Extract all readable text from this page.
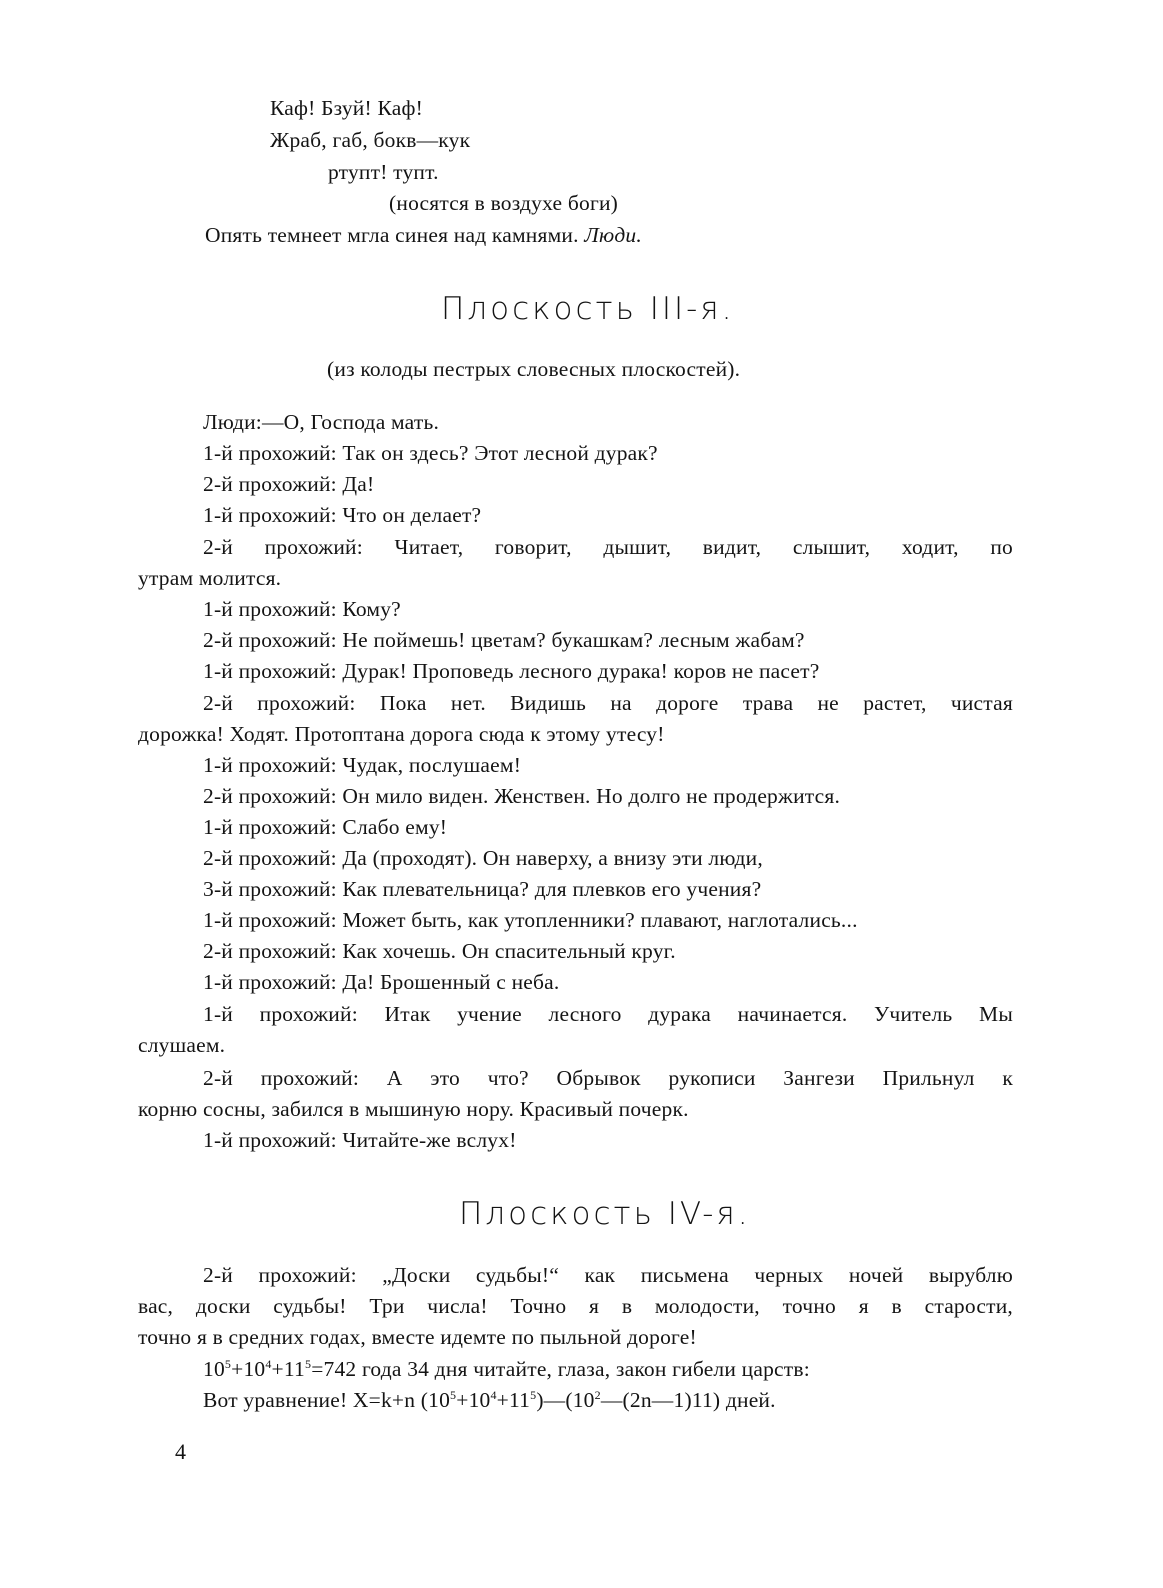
Каф! Бзуй! Каф!
Жраб, габ, бокв—кук
ртупт! тупт.
(носятся в воздухе боги)
Опять темнеет мгла синея над камнями. Люди.
Плоскость III-я.
(из колоды пестрых словесных плоскостей).
Люди:—О, Господа мать.
1-й прохожий: Так он здесь? Этот лесной дурак?
2-й прохожий: Да!
1-й прохожий: Что он делает?
2-й прохожий: Читает, говорит, дышит, видит, слышит, ходит, по
утрам молится.
1-й прохожий: Кому?
2-й прохожий: Не поймешь! цветам? букашкам? лесным жабам?
1-й прохожий: Дурак! Проповедь лесного дурака! коров не пасет?
2-й прохожий: Пока нет. Видишь на дороге трава не растет, чистая
дорожка! Ходят. Протоптана дорога сюда к этому утесу!
1-й прохожий: Чудак, послушаем!
2-й прохожий: Он мило виден. Женствен. Но долго не продержится.
1-й прохожий: Слабо ему!
2-й прохожий: Да (проходят). Он наверху, а внизу эти люди,
3-й прохожий: Как плевательница? для плевков его учения?
1-й прохожий: Может быть, как утопленники? плавают, наглотались...
2-й прохожий: Как хочешь. Он спасительный круг.
1-й прохожий: Да! Брошенный с неба.
1-й прохожий: Итак учение лесного дурака начинается. Учитель Мы
слушаем.
2-й прохожий: А это что? Обрывок рукописи Зангези Прильнул к
корню сосны, забился в мышиную нору. Красивый почерк.
1-й прохожий: Читайте-же вслух!
Плоскость IV-я.
2-й прохожий: „Доски судьбы!“ как письмена черных ночей вырублю
вас, доски судьбы! Три числа! Точно я в молодости, точно я в старости,
точно я в средних годах, вместе идемте по пыльной дороге!
$10^5+10^4+11^5=742$ года 34 дня читайте, глаза, закон гибели царств:
Вот уравнение! X=k+n $(10^5+10^4+11^5)—(10^2—(2n—1)11)$ дней.
4
